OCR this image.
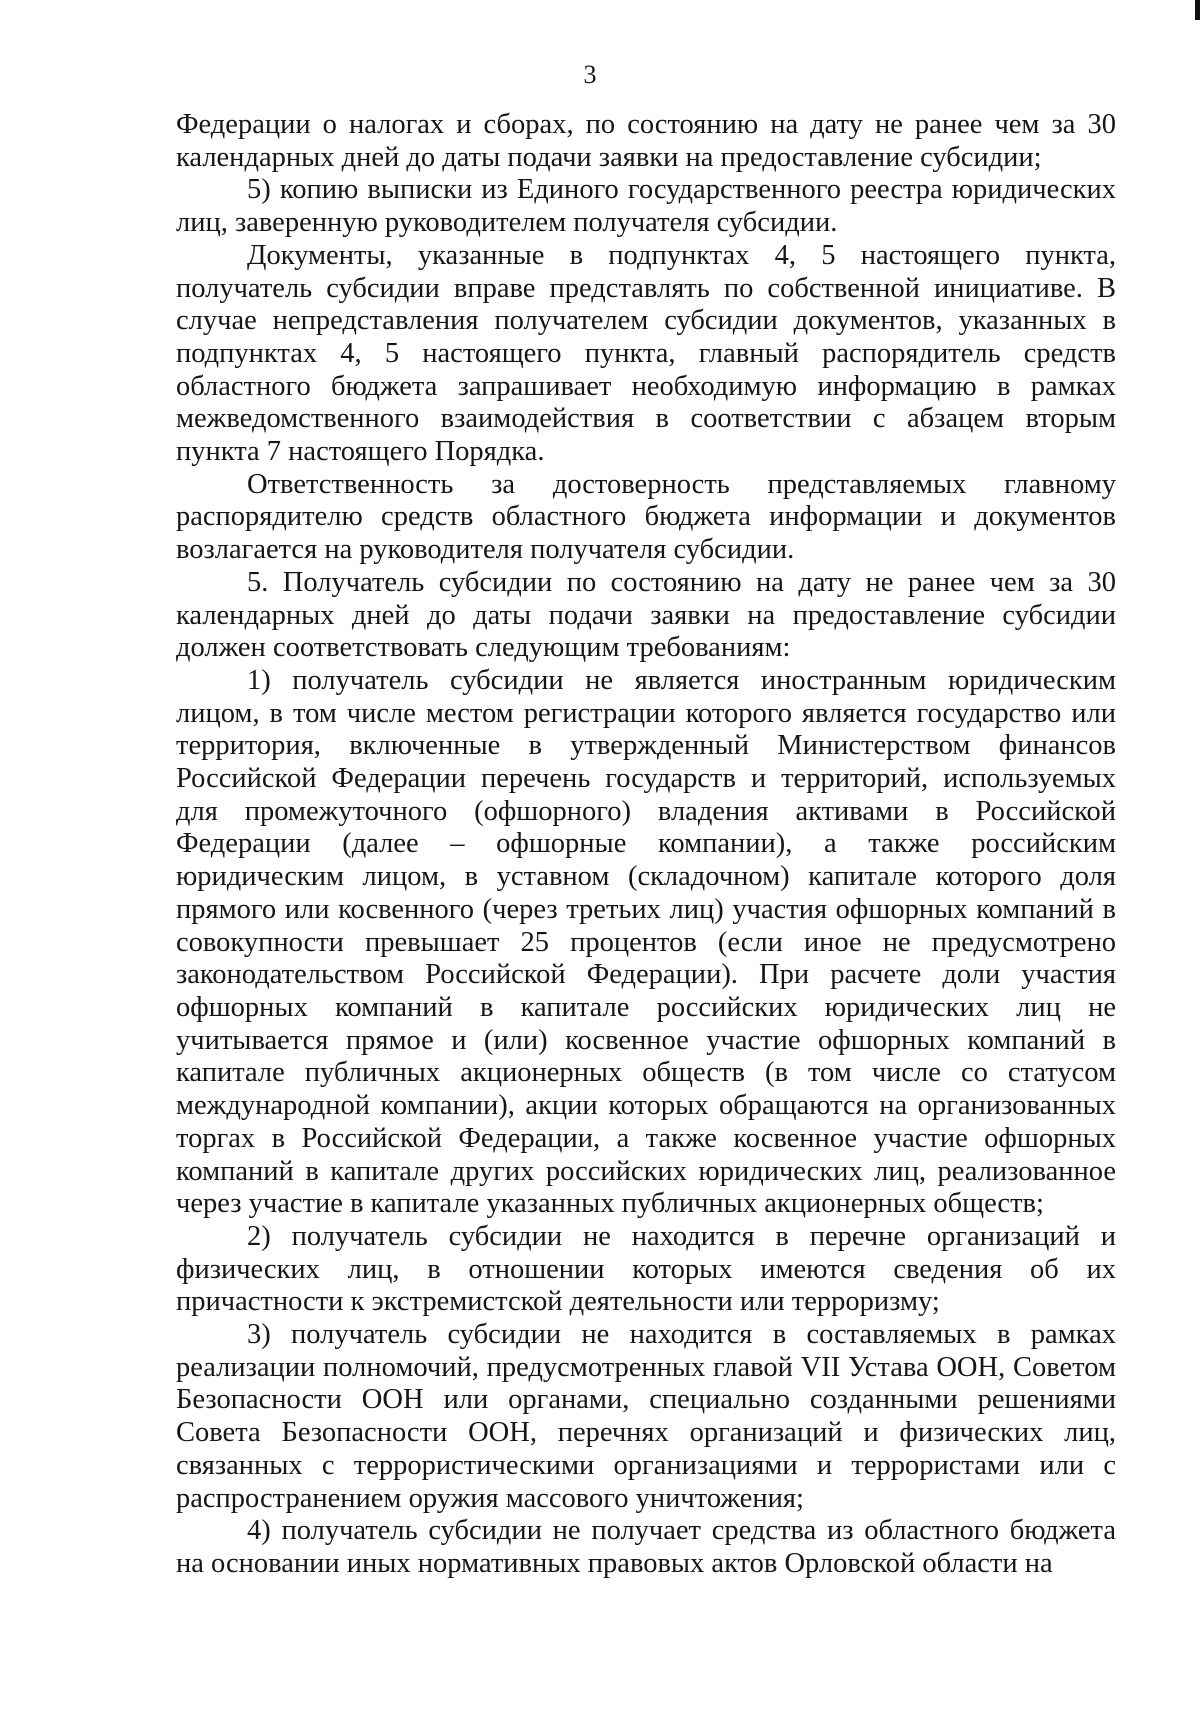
3

Федерации о налогах и сборах, по состоянию на дату не ранее чем за 30 календарных дней до даты подачи заявки на предоставление субсидии;

5) копию выписки из Единого государственного реестра юридических лиц, заверенную руководителем получателя субсидии.

Документы, указанные в подпунктах 4, 5 настоящего пункта, получатель субсидии вправе представлять по собственной инициативе. В случае непредставления получателем субсидии документов, указанных в подпунктах 4, 5 настоящего пункта, главный распорядитель средств областного бюджета запрашивает необходимую информацию в рамках межведомственного взаимодействия в соответствии с абзацем вторым пункта 7 настоящего Порядка.

Ответственность за достоверность представляемых главному распорядителю средств областного бюджета информации и документов возлагается на руководителя получателя субсидии.

5. Получатель субсидии по состоянию на дату не ранее чем за 30 календарных дней до даты подачи заявки на предоставление субсидии должен соответствовать следующим требованиям:

1) получатель субсидии не является иностранным юридическим лицом, в том числе местом регистрации которого является государство или территория, включенные в утвержденный Министерством финансов Российской Федерации перечень государств и территорий, используемых для промежуточного (офшорного) владения активами в Российской Федерации (далее – офшорные компании), а также российским юридическим лицом, в уставном (складочном) капитале которого доля прямого или косвенного (через третьих лиц) участия офшорных компаний в совокупности превышает 25 процентов (если иное не предусмотрено законодательством Российской Федерации). При расчете доли участия офшорных компаний в капитале российских юридических лиц не учитывается прямое и (или) косвенное участие офшорных компаний в капитале публичных акционерных обществ (в том числе со статусом международной компании), акции которых обращаются на организованных торгах в Российской Федерации, а также косвенное участие офшорных компаний в капитале других российских юридических лиц, реализованное через участие в капитале указанных публичных акционерных обществ;

2) получатель субсидии не находится в перечне организаций и физических лиц, в отношении которых имеются сведения об их причастности к экстремистской деятельности или терроризму;

3) получатель субсидии не находится в составляемых в рамках реализации полномочий, предусмотренных главой VII Устава ООН, Советом Безопасности ООН или органами, специально созданными решениями Совета Безопасности ООН, перечнях организаций и физических лиц, связанных с террористическими организациями и террористами или с распространением оружия массового уничтожения;

4) получатель субсидии не получает средства из областного бюджета на основании иных нормативных правовых актов Орловской области на
